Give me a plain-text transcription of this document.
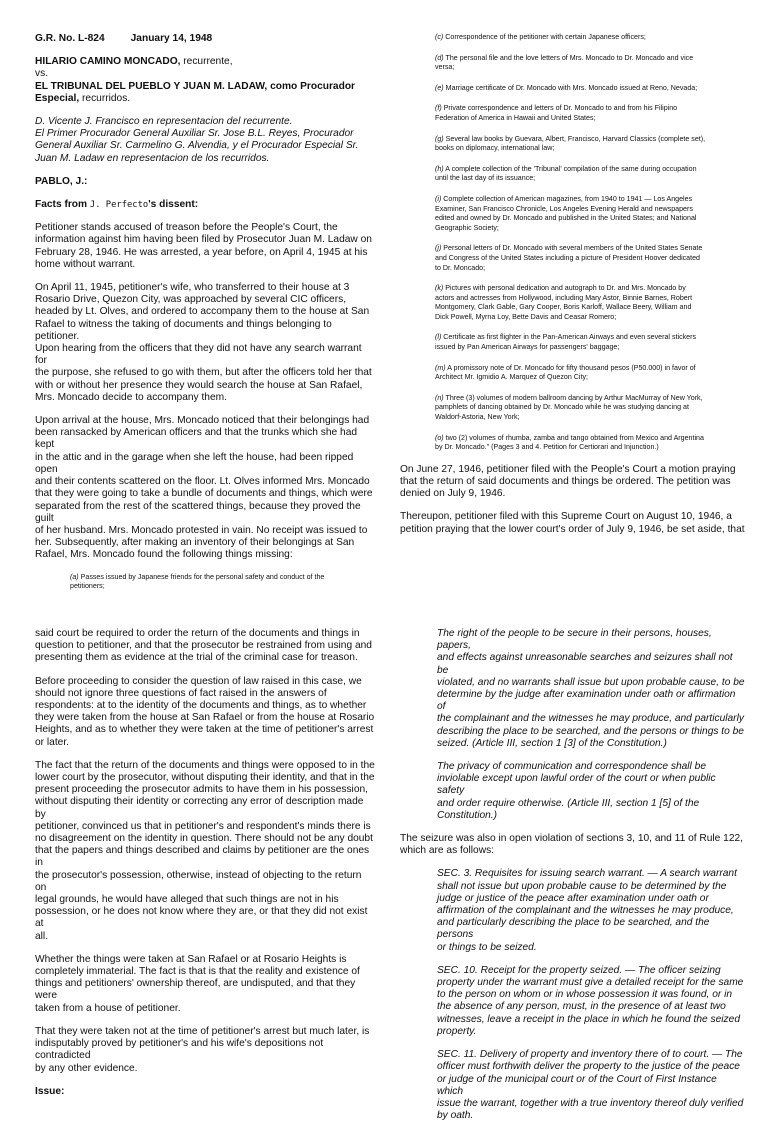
G.R. No. L-824	January 14, 1948

HILARIO CAMINO MONCADO, recurrente,

vs.

EL TRIBUNAL DEL PUEBLO Y JUAN M. LADAW, como Procurador Especial, recurridos.

D. Vicente J. Francisco en representacion del recurrente.

El Primer Procurador General Auxiliar Sr. Jose B.L. Reyes, Procurador

General Auxiliar Sr. Carmelino G. Alvendia, y el Procurador Especial Sr.

Juan M. Ladaw en representacion de los recurridos.

PABLO, J.:

Facts from J. Perfecto's dissent:

Petitioner stands accused of treason before the People's Court, the
information against him having been filed by Prosecutor Juan M. Ladaw on
February 28, 1946. He was arrested, a year before, on April 4, 1945 at his
home without warrant.
On April 11, 1945, petitioner's wife, who transferred to their house at 3
Rosario Drive, Quezon City, was approached by several CIC officers,
headed by Lt. Olves, and ordered to accompany them to the house at San
Rafael to witness the taking of documents and things belonging to petitioner.
Upon hearing from the officers that they did not have any search warrant for
the purpose, she refused to go with them, but after the officers told her that
with or without her presence they would search the house at San Rafael,
Mrs. Moncado decide to accompany them.
Upon arrival at the house, Mrs. Moncado noticed that their belongings had
been ransacked by American officers and that the trunks which she had kept
in the attic and in the garage when she left the house, had been ripped open
and their contents scattered on the floor. Lt. Olves informed Mrs. Moncado
that they were going to take a bundle of documents and things, which were
separated from the rest of the scattered things, because they proved the guilt
of her husband. Mrs. Moncado protested in vain. No receipt was issued to
her. Subsequently, after making an inventory of their belongings at San
Rafael, Mrs. Moncado found the following things missing:
(a) Passes issued by Japanese friends for the personal safety and conduct of the
petitioners;
(c) Correspondence of the petitioner with certain Japanese officers;
(d) The personal file and the love letters of Mrs. Moncado to Dr. Moncado and vice
versa;
(e) Marriage certificate of Dr. Moncado with Mrs. Moncado issued at Reno, Nevada;
(f) Private correspondence and letters of Dr. Moncado to and from his Filipino
Federation of America in Hawaii and United States;
(g) Several law books by Guevara, Albert, Francisco, Harvard Classics (complete set),
books on diplomacy, international law;
(h) A complete collection of the 'Tribunal' compilation of the same during occupation
until the last day of its issuance;
(i) Complete collection of American magazines, from 1940 to 1941 — Los Angeles
Examiner, San Francisco Chronicle, Los Angeles Evening Herald and newspapers
edited and owned by Dr. Moncado and published in the United States; and National
Geographic Society;
(j) Personal letters of Dr. Moncado with several members of the United States Senate
and Congress of the United States including a picture of President Hoover dedicated
to Dr. Moncado;
(k) Pictures with personal dedication and autograph to Dr. and Mrs. Moncado by
actors and actresses from Hollywood, including Mary Astor, Binnie Barnes, Robert
Montgomery, Clark Gable, Gary Cooper, Boris Karloff, Wallace Beery, William and
Dick Powell, Myrna Loy, Bette Davis and Ceasar Romero;
(l) Certificate as first flighter in the Pan-American Airways and even several stickers
issued by Pan American Airways for passengers' baggage;
(m) A promissory note of Dr. Moncado for fifty thousand pesos (P50.000) in favor of
Architect Mr. Igmidio A. Marquez of Quezon City;
(n) Three (3) volumes of modern ballroom dancing by Arthur MacMurray of New York,
pamphlets of dancing obtained by Dr. Moncado while he was studying dancing at
Waldorf-Astoria, New York;
(o) two (2) volumes of rhumba, zamba and tango obtained from Mexico and Argentina
by Dr. Moncado." (Pages 3 and 4. Petition for Certiorari and Injunction.)
On June 27, 1946, petitioner filed with the People's Court a motion praying
that the return of said documents and things be ordered. The petition was
denied on July 9, 1946.
Thereupon, petitioner filed with this Supreme Court on August 10, 1946, a
petition praying that the lower court's order of July 9, 1946, be set aside, that
said court be required to order the return of the documents and things in
question to petitioner, and that the prosecutor be restrained from using and
presenting them as evidence at the trial of the criminal case for treason.
Before proceeding to consider the question of law raised in this case, we
should not ignore three questions of fact raised in the answers of
respondents: at to the identity of the documents and things, as to whether
they were taken from the house at San Rafael or from the house at Rosario
Heights, and as to whether they were taken at the time of petitioner's arrest
or later.
The fact that the return of the documents and things were opposed to in the
lower court by the prosecutor, without disputing their identity, and that in the
present proceeding the prosecutor admits to have them in his possession,
without disputing their identity or correcting any error of description made by
petitioner, convinced us that in petitioner's and respondent's minds there is
no disagreement on the identity in question. There should not be any doubt
that the papers and things described and claims by petitioner are the ones in
the prosecutor's possession, otherwise, instead of objecting to the return on
legal grounds, he would have alleged that such things are not in his
possession, or he does not know where they are, or that they did not exist at
all.
Whether the things were taken at San Rafael or at Rosario Heights is
completely immaterial. The fact is that is that the reality and existence of
things and petitioners' ownership thereof, are undisputed, and that they were
taken from a house of petitioner.
That they were taken not at the time of petitioner's arrest but much later, is
indisputably proved by petitioner's and his wife's depositions not contradicted
by any other evidence.

Issue:

The right of the people to be secure in their persons, houses, papers,
and effects against unreasonable searches and seizures shall not be
violated, and no warrants shall issue but upon probable cause, to be
determine by the judge after examination under oath or affirmation of
the complainant and the witnesses he may produce, and particularly
describing the place to be searched, and the persons or things to be
seized. (Article III, section 1 [3] of the Constitution.)
The privacy of communication and correspondence shall be
inviolable except upon lawful order of the court or when public safety
and order require otherwise. (Article III, section 1 [5] of the
Constitution.)
The seizure was also in open violation of sections 3, 10, and 11 of Rule 122,
which are as follows:
SEC. 3. Requisites for issuing search warrant. — A search warrant
shall not issue but upon probable cause to be determined by the
judge or justice of the peace after examination under oath or
affirmation of the complainant and the witnesses he may produce,
and particularly describing the place to be searched, and the persons
or things to be seized.
SEC. 10. Receipt for the property seized. — The officer seizing
property under the warrant must give a detailed receipt for the same
to the person on whom or in whose possession it was found, or in
the absence of any person, must, in the presence of at least two
witnesses, leave a receipt in the place in which he found the seized
property.
SEC. 11. Delivery of property and inventory there of to court. — The
officer must forthwith deliver the property to the justice of the peace
or judge of the municipal court or of the Court of First Instance which
issue the warrant, together with a true inventory thereof duly verified
by oath.
